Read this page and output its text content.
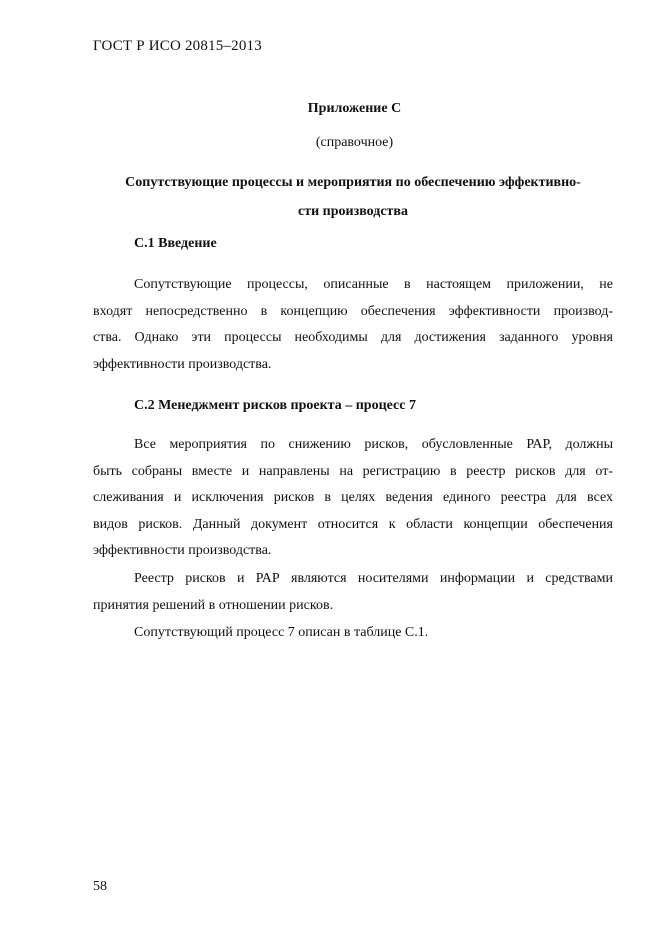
ГОСТ Р ИСО 20815–2013
Приложение С
(справочное)
Сопутствующие процессы и мероприятия по обеспечению эффективно-
сти производства
С.1 Введение
Сопутствующие процессы, описанные в настоящем приложении, не
входят непосредственно в концепцию обеспечения эффективности производ-
ства. Однако эти процессы необходимы для достижения заданного уровня
эффективности производства.
С.2 Менеджмент рисков проекта – процесс 7
Все мероприятия по снижению рисков, обусловленные РАР, должны
быть собраны вместе и направлены на регистрацию в реестр рисков для от-
слеживания и исключения рисков в целях ведения единого реестра для всех
видов рисков. Данный документ относится к области концепции обеспечения
эффективности производства.
Реестр рисков и РАР являются носителями информации и средствами
принятия решений в отношении рисков.
Сопутствующий процесс 7 описан в таблице С.1.
58
